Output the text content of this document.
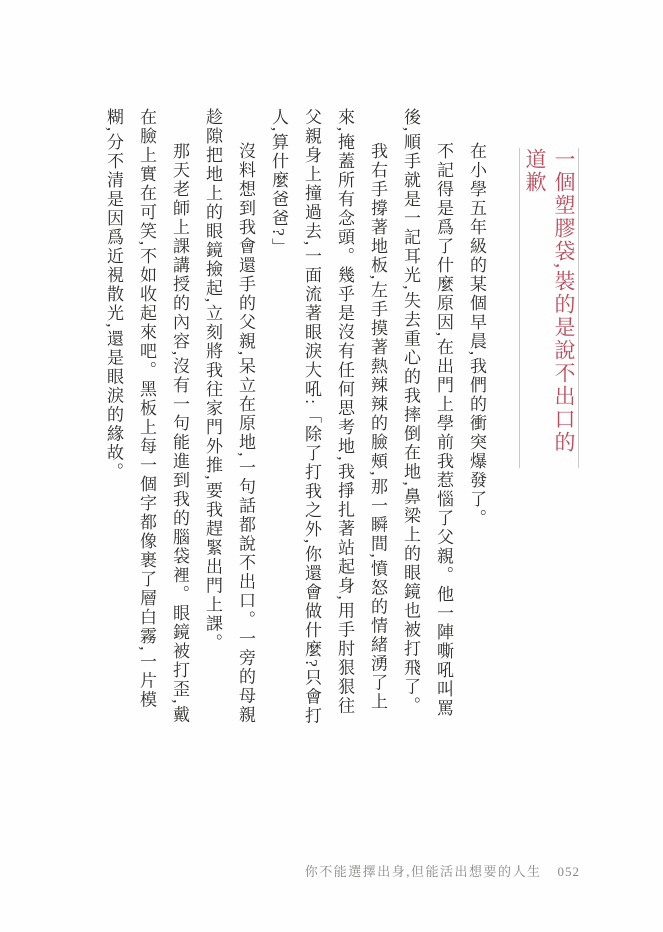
一個塑膠袋,裝的是說不出口的道歉

在小學五年級的某個早晨,我們的衝突爆發了。

不記得是爲了什麼原因,在出門上學前我惹惱了父親。他一陣嘶吼叫罵後,順手就是一記耳光,失去重心的我摔倒在地,鼻梁上的眼鏡也被打飛了。

我右手撐著地板,左手摸著熱辣辣的臉頰,那一瞬間,憤怒的情緒湧了上來,掩蓋所有念頭。幾乎是沒有任何思考地,我掙扎著站起身,用手肘狠狠往父親身上撞過去,一面流著眼淚大吼:「除了打我之外,你還會做什麼?只會打人,算什麼爸爸?」

沒料想到我會還手的父親,呆立在原地,一句話都說不出口。一旁的母親趁隙把地上的眼鏡撿起,立刻將我往家門外推,要我趕緊出門上課。

那天老師上課講授的內容,沒有一句能進到我的腦袋裡。眼鏡被打歪,戴在臉上實在可笑,不如收起來吧。黑板上每一個字都像裹了層白霧,一片模糊,分不清是因爲近視散光,還是眼淚的緣故。

你不能選擇出身,但能活出想要的人生 052
